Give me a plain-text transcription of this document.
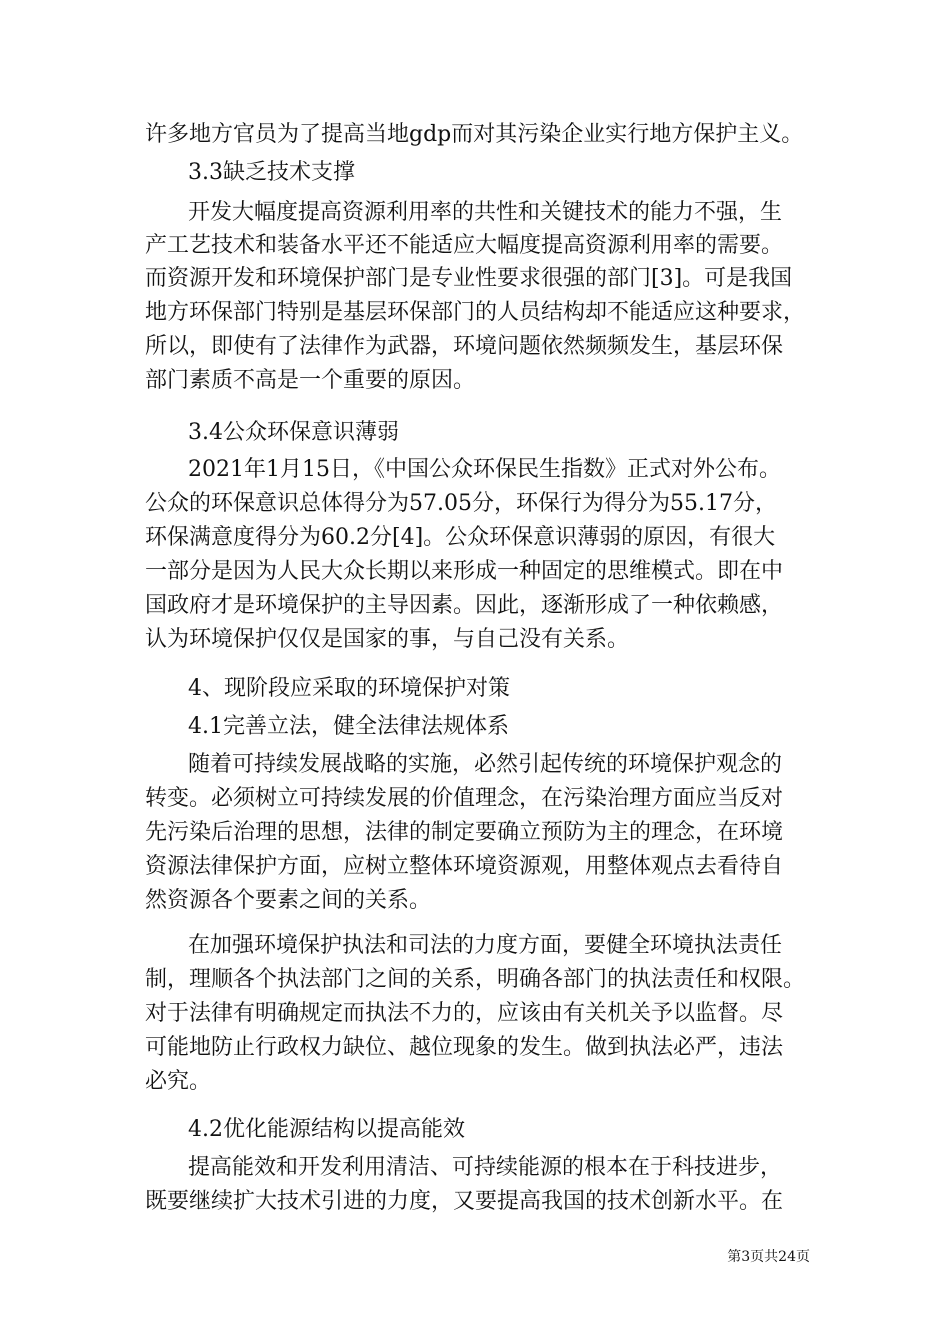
许多地方官员为了提高当地gdp而对其污染企业实行地方保护主义。
3.3缺乏技术支撑
开发大幅度提高资源利用率的共性和关键技术的能力不强，生
产工艺技术和装备水平还不能适应大幅度提高资源利用率的需要。
而资源开发和环境保护部门是专业性要求很强的部门[3]。可是我国
地方环保部门特别是基层环保部门的人员结构却不能适应这种要求，
所以，即使有了法律作为武器，环境问题依然频频发生，基层环保
部门素质不高是一个重要的原因。
3.4公众环保意识薄弱
2021年1月15日，《中国公众环保民生指数》正式对外公布。
公众的环保意识总体得分为57.05分，环保行为得分为55.17分，
环保满意度得分为60.2分[4]。公众环保意识薄弱的原因，有很大
一部分是因为人民大众长期以来形成一种固定的思维模式。即在中
国政府才是环境保护的主导因素。因此，逐渐形成了一种依赖感，
认为环境保护仅仅是国家的事，与自己没有关系。
4、现阶段应采取的环境保护对策
4.1完善立法，健全法律法规体系
随着可持续发展战略的实施，必然引起传统的环境保护观念的
转变。必须树立可持续发展的价值理念，在污染治理方面应当反对
先污染后治理的思想，法律的制定要确立预防为主的理念，在环境
资源法律保护方面，应树立整体环境资源观，用整体观点去看待自
然资源各个要素之间的关系。
在加强环境保护执法和司法的力度方面，要健全环境执法责任
制，理顺各个执法部门之间的关系，明确各部门的执法责任和权限。
对于法律有明确规定而执法不力的，应该由有关机关予以监督。尽
可能地防止行政权力缺位、越位现象的发生。做到执法必严，违法
必究。
4.2优化能源结构以提高能效
提高能效和开发利用清洁、可持续能源的根本在于科技进步，
既要继续扩大技术引进的力度，又要提高我国的技术创新水平。在
第3页共24页
